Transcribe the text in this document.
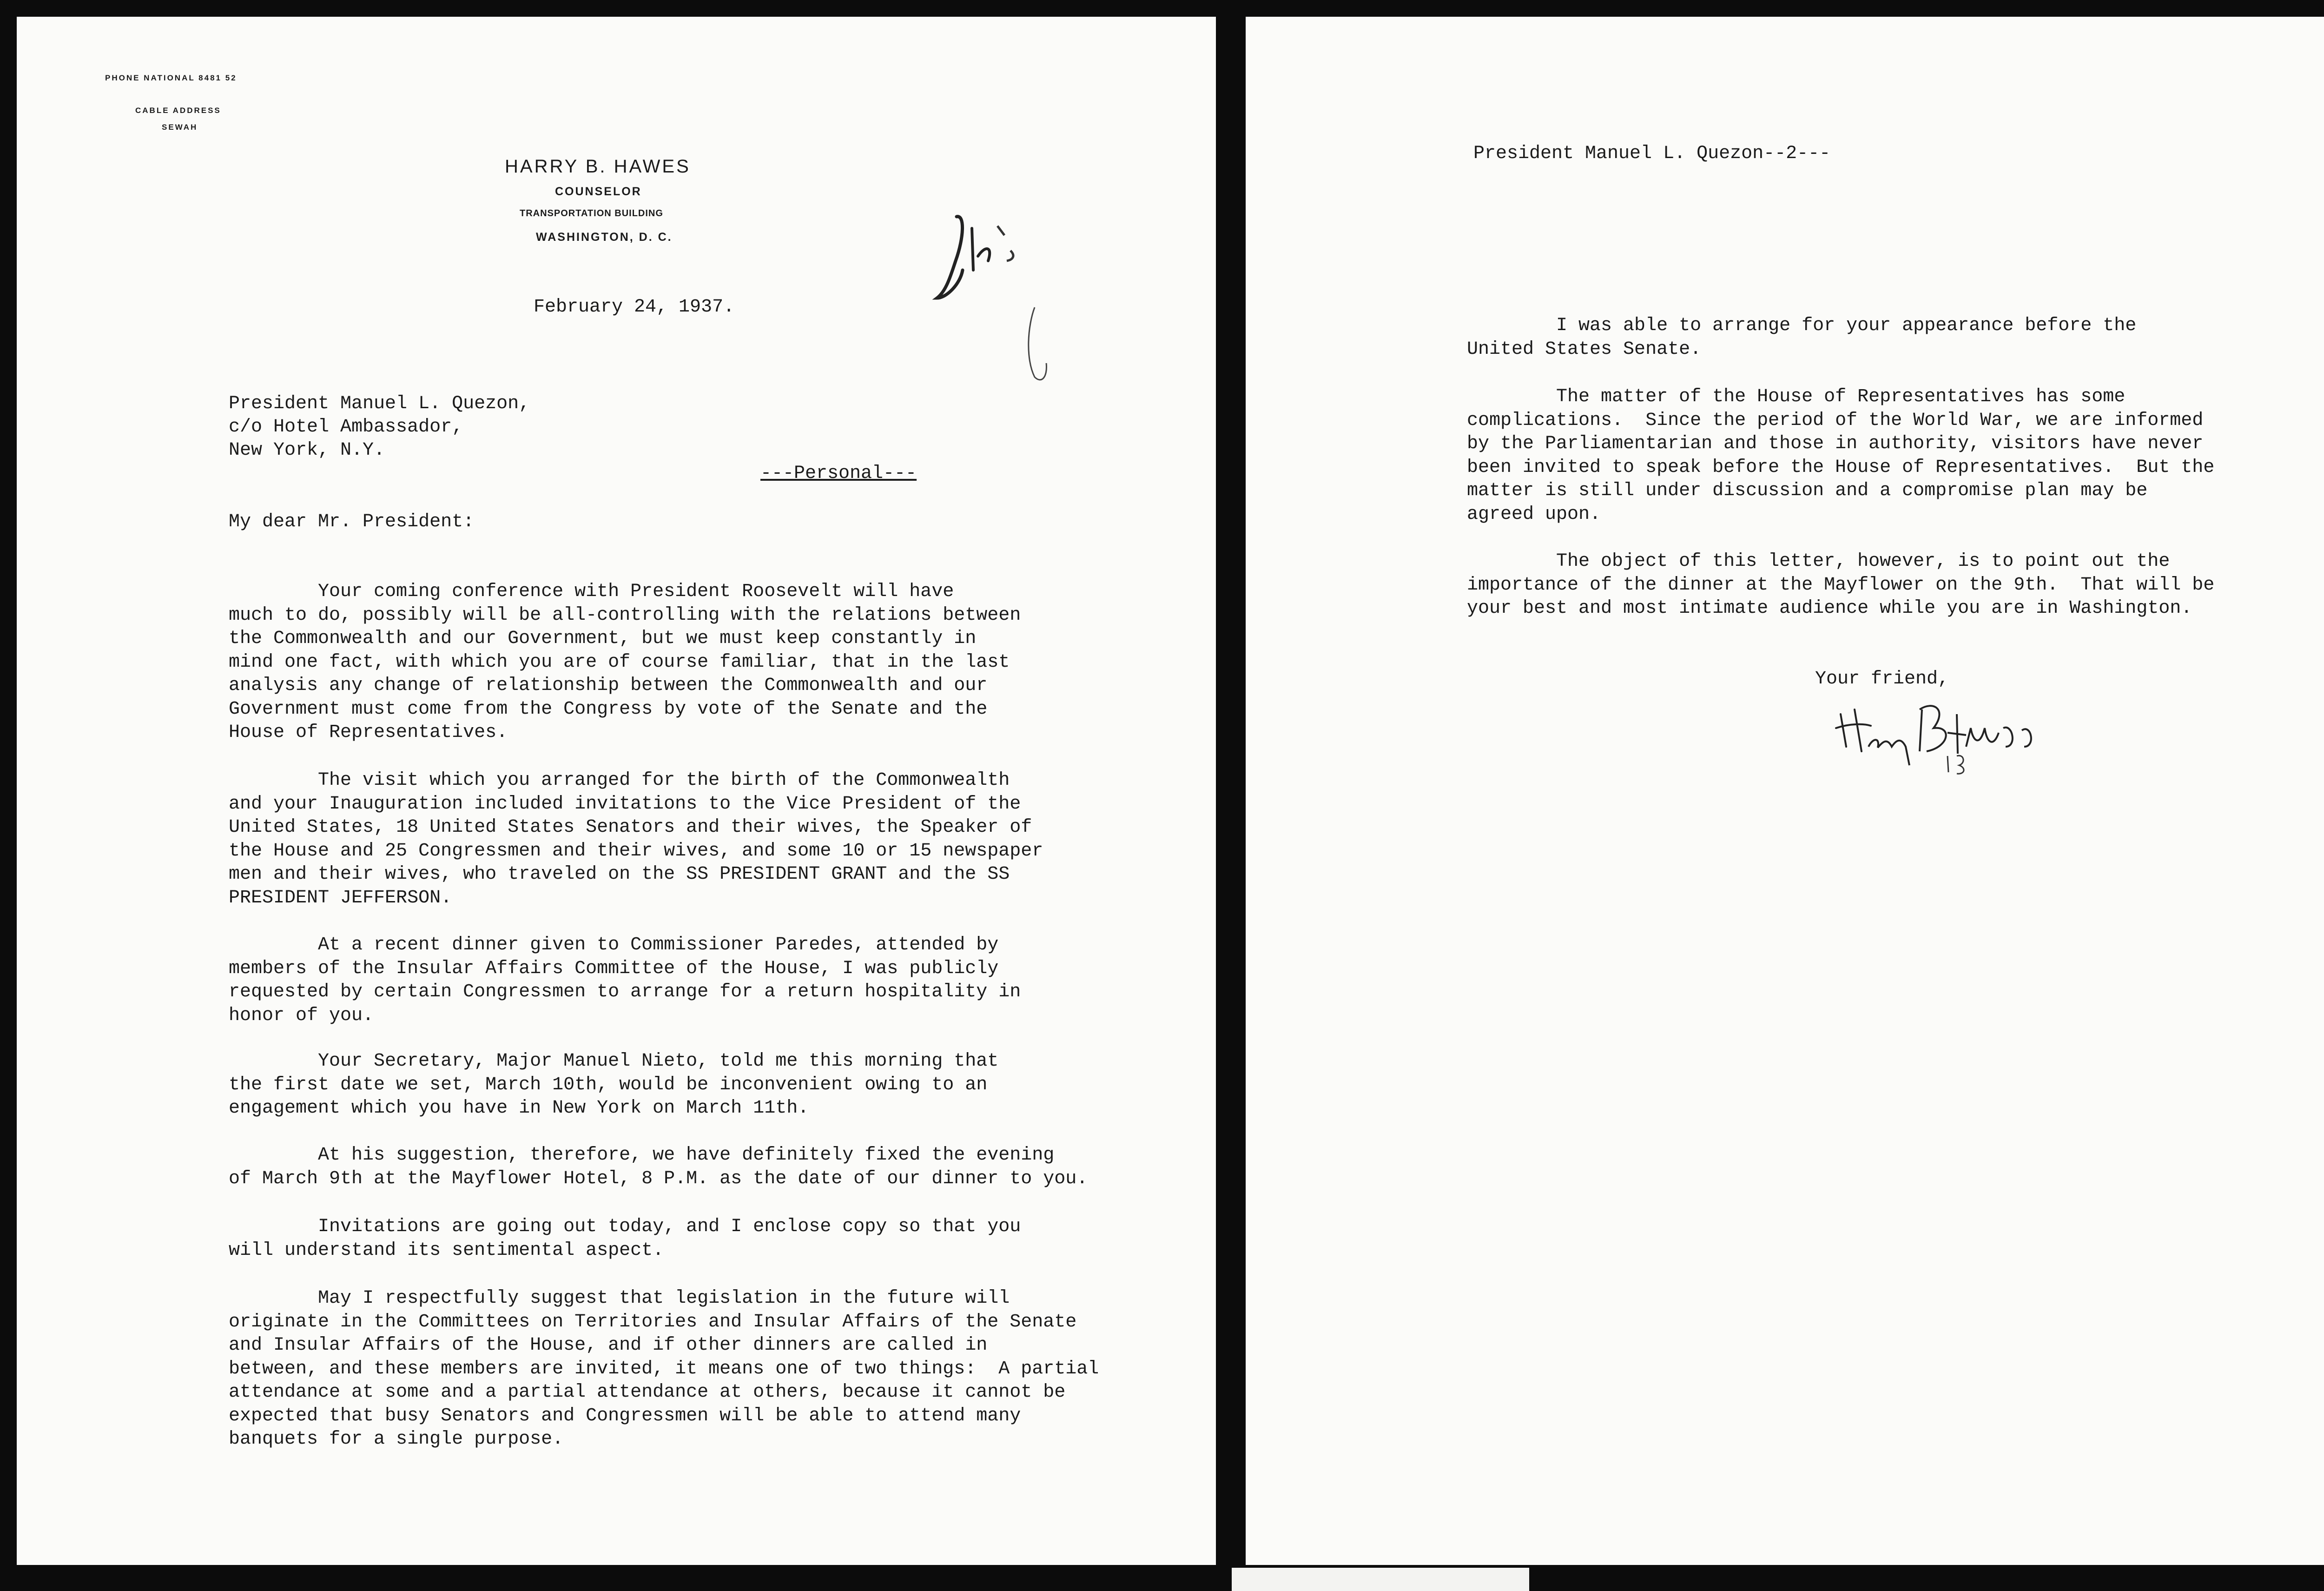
PHONE NATIONAL 8481 52
CABLE ADDRESS
SEWAH
HARRY B. HAWES
COUNSELOR
TRANSPORTATION BUILDING
WASHINGTON, D. C.
February 24, 1937.
President Manuel L. Quezon,
c/o Hotel Ambassador,
New York, N.Y.
---Personal---
My dear Mr. President:

Your coming conference with President Roosevelt will have
much to do, possibly will be all-controlling with the relations between
the Commonwealth and our Government, but we must keep constantly in
mind one fact, with which you are of course familiar, that in the last
analysis any change of relationship between the Commonwealth and our
Government must come from the Congress by vote of the Senate and the
House of Representatives.

The visit which you arranged for the birth of the Commonwealth
and your Inauguration included invitations to the Vice President of the
United States, 18 United States Senators and their wives, the Speaker of
the House and 25 Congressmen and their wives, and some 10 or 15 newspaper
men and their wives, who traveled on the SS PRESIDENT GRANT and the SS
PRESIDENT JEFFERSON.

At a recent dinner given to Commissioner Paredes, attended by
members of the Insular Affairs Committee of the House, I was publicly
requested by certain Congressmen to arrange for a return hospitality in
honor of you.

Your Secretary, Major Manuel Nieto, told me this morning that
the first date we set, March 10th, would be inconvenient owing to an
engagement which you have in New York on March 11th.

At his suggestion, therefore, we have definitely fixed the evening
of March 9th at the Mayflower Hotel, 8 P.M. as the date of our dinner to you.

Invitations are going out today, and I enclose copy so that you
will understand its sentimental aspect.

May I respectfully suggest that legislation in the future will
originate in the Committees on Territories and Insular Affairs of the Senate
and Insular Affairs of the House, and if other dinners are called in
between, and these members are invited, it means one of two things:  A partial
attendance at some and a partial attendance at others, because it cannot be
expected that busy Senators and Congressmen will be able to attend many
banquets for a single purpose.

President Manuel L. Quezon--2---

I was able to arrange for your appearance before the
United States Senate.

The matter of the House of Representatives has some
complications.  Since the period of the World War, we are informed
by the Parliamentarian and those in authority, visitors have never
been invited to speak before the House of Representatives.  But the
matter is still under discussion and a compromise plan may be
agreed upon.

The object of this letter, however, is to point out the
importance of the dinner at the Mayflower on the 9th.  That will be
your best and most intimate audience while you are in Washington.

Your friend,
